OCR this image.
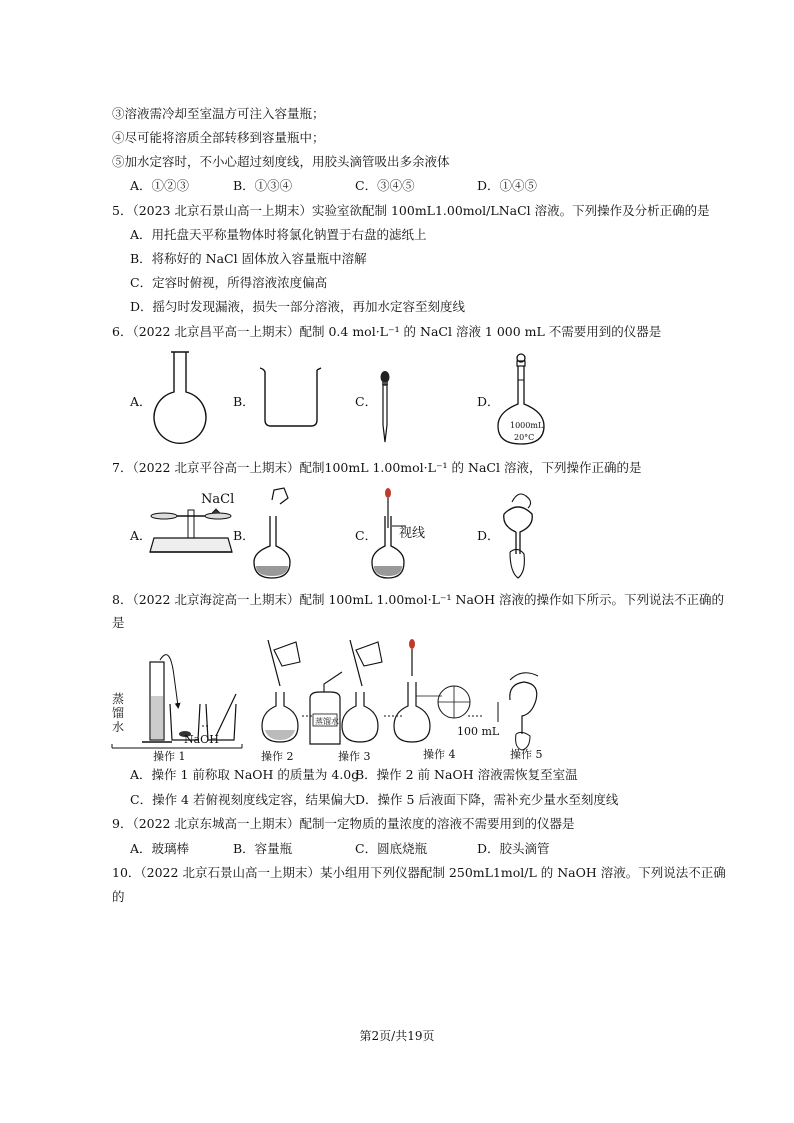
③溶液需冷却至室温方可注入容量瓶；
④尽可能将溶质全部转移到容量瓶中；
⑤加水定容时，不小心超过刻度线，用胶头滴管吸出多余液体
A．①②③	B．①③④	C．③④⑤	D．①④⑤
5．（2023 北京石景山高一上期末）实验室欲配制 100mL1.00mol/LNaCl 溶液。下列操作及分析正确的是
A．用托盘天平称量物体时将氯化钠置于右盘的滤纸上
B．将称好的 NaCl 固体放入容量瓶中溶解
C．定容时俯视，所得溶液浓度偏高
D．摇匀时发现漏液，损失一部分溶液，再加水定容至刻度线
6．（2022 北京昌平高一上期末）配制 0.4 mol·L⁻¹ 的 NaCl 溶液 1 000 mL 不需要用到的仪器是
A．	B．	C．	D．
1000mL
20°C
7．（2022 北京平谷高一上期末）配制100mL 1.00mol·L⁻¹ 的 NaCl 溶液，下列操作正确的是
A．	B．	C．	D．
NaCl
视线
8．（2022 北京海淀高一上期末）配制 100mL 1.00mol·L⁻¹ NaOH 溶液的操作如下所示。下列说法不正确的
是
蒸
馏
水
NaOH
蒸馏水
100 mL
操作 1	操作 2	操作 3	操作 4	操作 5
A．操作 1 前称取 NaOH 的质量为 4.0g
B．操作 2 前 NaOH 溶液需恢复至室温
C．操作 4 若俯视刻度线定容，结果偏大 D．操作 5 后液面下降，需补充少量水至刻度线
9．（2022 北京东城高一上期末）配制一定物质的量浓度的溶液不需要用到的仪器是
A．玻璃棒	B．容量瓶	C．圆底烧瓶	D．胶头滴管
10．（2022 北京石景山高一上期末）某小组用下列仪器配制 250mL1mol/L 的 NaOH 溶液。下列说法不正确
的
第2页/共19页
